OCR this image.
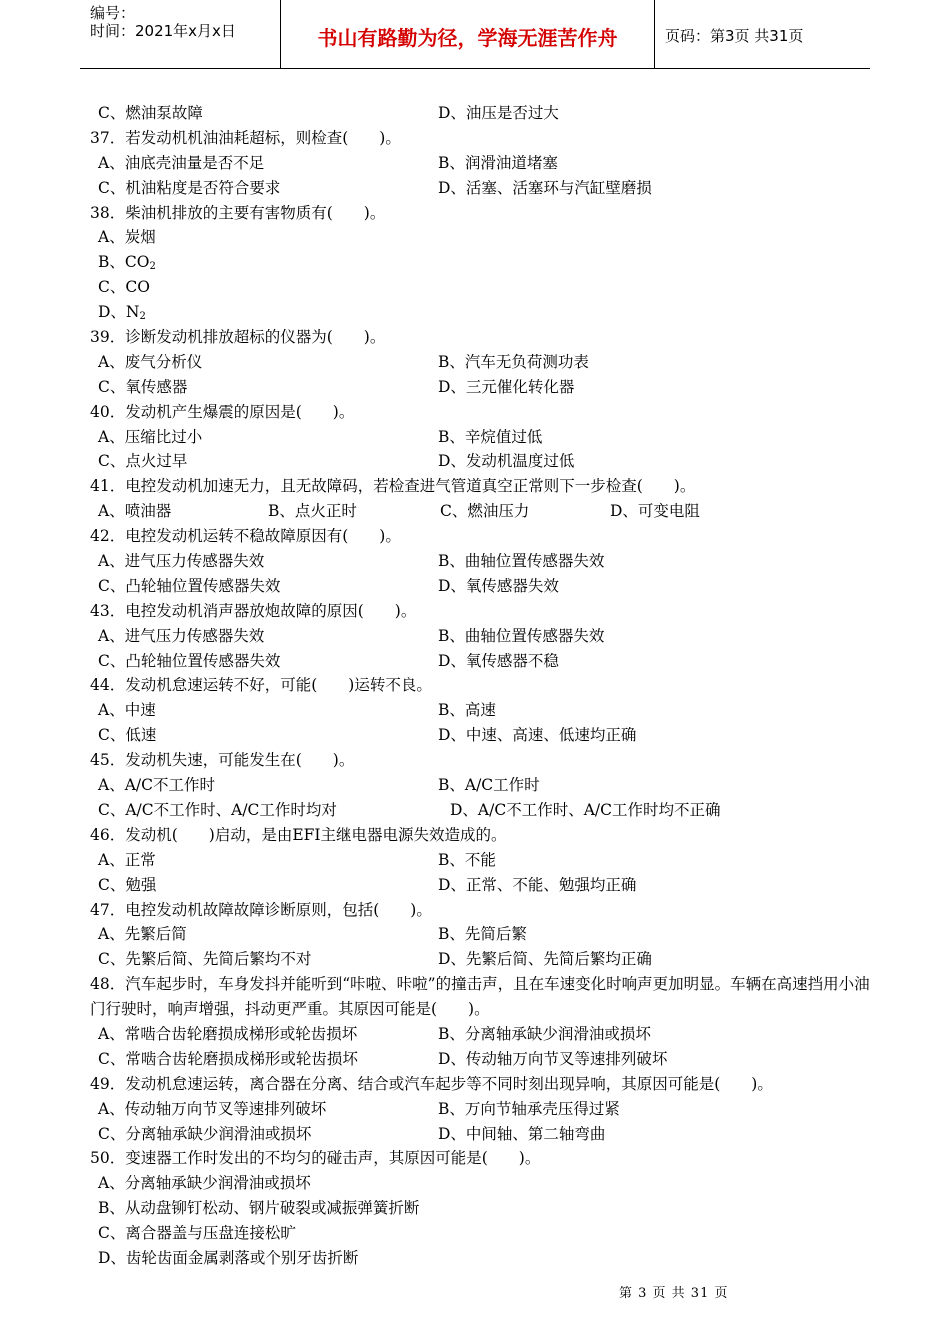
编号：
时间：2021年x月x日	书山有路勤为径，学海无涯苦作舟	页码：第3页 共31页
C、燃油泵故障	D、油压是否过大
37．若发动机机油油耗超标，则检查(　　)。
A、油底壳油量是否不足	B、润滑油道堵塞
C、机油粘度是否符合要求	D、活塞、活塞环与汽缸壁磨损
38．柴油机排放的主要有害物质有(　　)。
A、炭烟
B、$CO_2$
C、CO
D、$N_2$
39．诊断发动机排放超标的仪器为(　　)。
A、废气分析仪	B、汽车无负荷测功表
C、氧传感器	D、三元催化转化器
40．发动机产生爆震的原因是(　　)。
A、压缩比过小	B、辛烷值过低
C、点火过早	D、发动机温度过低
41．电控发动机加速无力，且无故障码，若检查进气管道真空正常则下一步检查(　　)。
A、喷油器	B、点火正时	C、燃油压力	D、可变电阻
42．电控发动机运转不稳故障原因有(　　)。
A、进气压力传感器失效	B、曲轴位置传感器失效
C、凸轮轴位置传感器失效	D、氧传感器失效
43．电控发动机消声器放炮故障的原因(　　)。
A、进气压力传感器失效	B、曲轴位置传感器失效
C、凸轮轴位置传感器失效	D、氧传感器不稳
44．发动机怠速运转不好，可能(　　)运转不良。
A、中速	B、高速
C、低速	D、中速、高速、低速均正确
45．发动机失速，可能发生在(　　)。
A、A/C不工作时	B、A/C工作时
C、A/C不工作时、A/C工作时均对	D、A/C不工作时、A/C工作时均不正确
46．发动机(　　)启动，是由EFI主继电器电源失效造成的。
A、正常	B、不能
C、勉强	D、正常、不能、勉强均正确
47．电控发动机故障故障诊断原则，包括(　　)。
A、先繁后简	B、先简后繁
C、先繁后简、先简后繁均不对	D、先繁后简、先简后繁均正确
48．汽车起步时，车身发抖并能听到“咔啦、咔啦”的撞击声，且在车速变化时响声更加明显。车辆在高速挡用小油门行驶时，响声增强，抖动更严重。其原因可能是(　　)。
A、常啮合齿轮磨损成梯形或轮齿损坏	B、分离轴承缺少润滑油或损坏
C、常啮合齿轮磨损成梯形或轮齿损坏	D、传动轴万向节叉等速排列破坏
49．发动机怠速运转，离合器在分离、结合或汽车起步等不同时刻出现异响，其原因可能是(　　)。
A、传动轴万向节叉等速排列破坏	B、万向节轴承壳压得过紧
C、分离轴承缺少润滑油或损坏	D、中间轴、第二轴弯曲
50．变速器工作时发出的不均匀的碰击声，其原因可能是(　　)。
A、分离轴承缺少润滑油或损坏
B、从动盘铆钉松动、钢片破裂或减振弹簧折断
C、离合器盖与压盘连接松旷
D、齿轮齿面金属剥落或个别牙齿折断
第 3 页 共 31 页
